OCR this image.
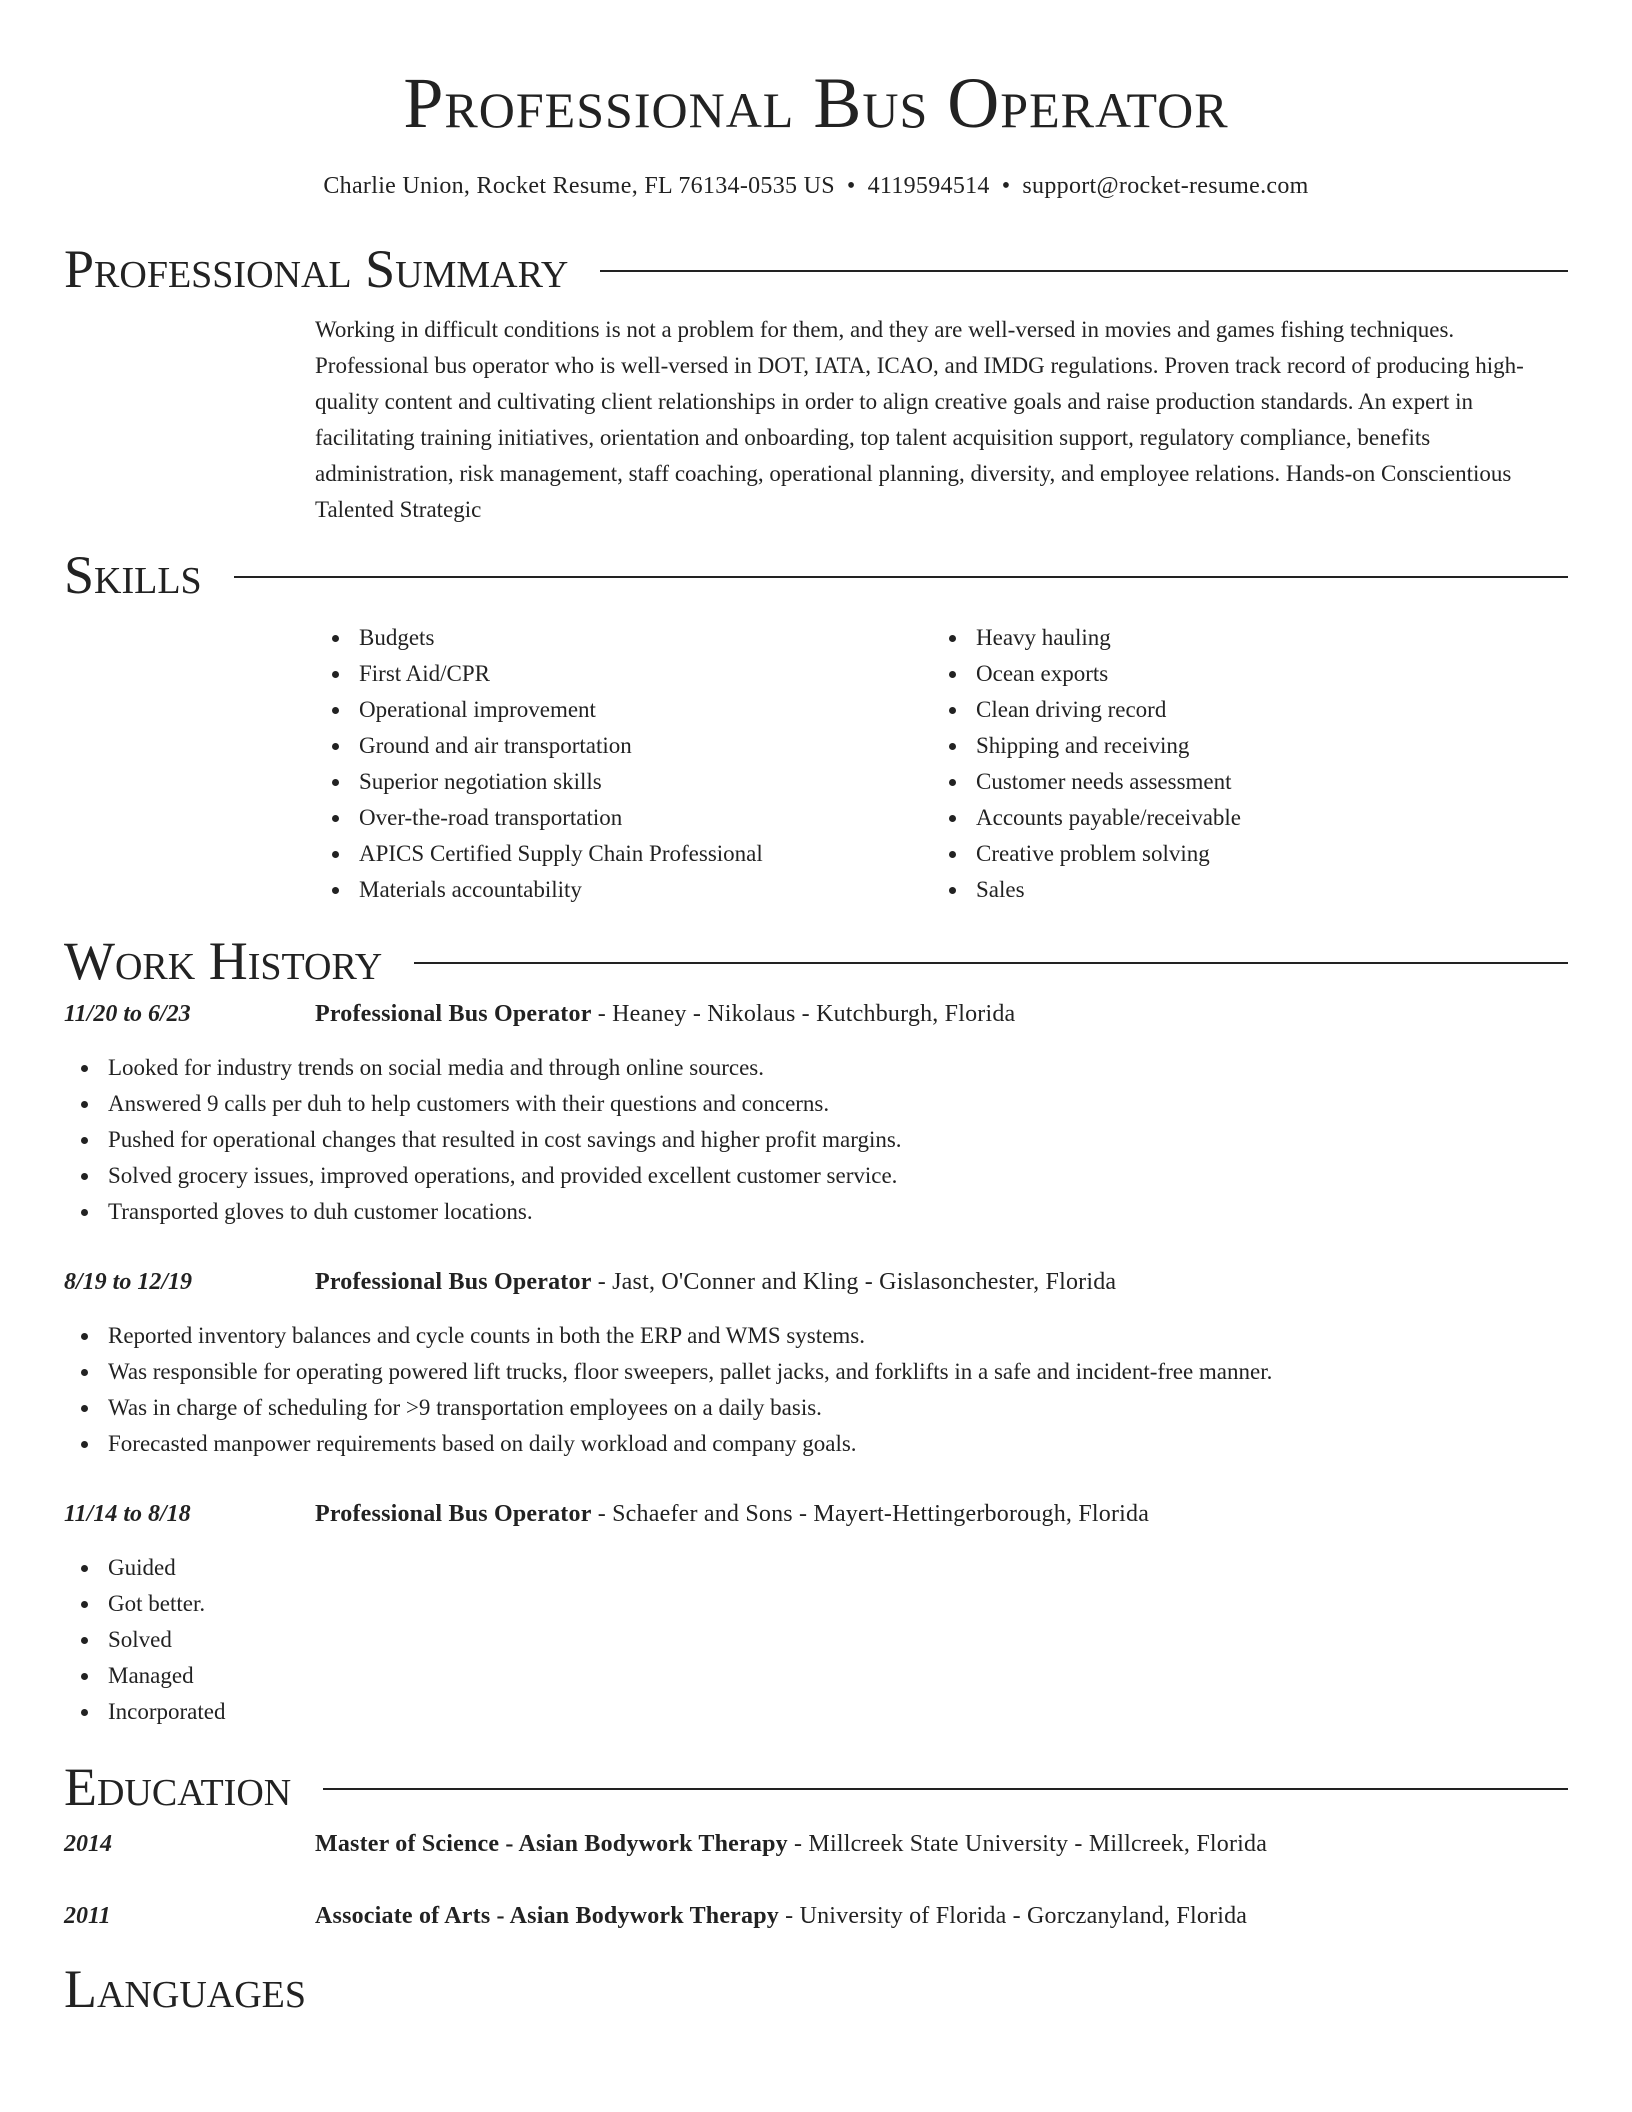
Professional Bus Operator
Charlie Union, Rocket Resume, FL 76134-0535 US • 4119594514 • support@rocket-resume.com
Professional Summary
Working in difficult conditions is not a problem for them, and they are well-versed in movies and games fishing techniques. Professional bus operator who is well-versed in DOT, IATA, ICAO, and IMDG regulations. Proven track record of producing high-quality content and cultivating client relationships in order to align creative goals and raise production standards. An expert in facilitating training initiatives, orientation and onboarding, top talent acquisition support, regulatory compliance, benefits administration, risk management, staff coaching, operational planning, diversity, and employee relations. Hands-on Conscientious Talented Strategic
Skills
Budgets
First Aid/CPR
Operational improvement
Ground and air transportation
Superior negotiation skills
Over-the-road transportation
APICS Certified Supply Chain Professional
Materials accountability
Heavy hauling
Ocean exports
Clean driving record
Shipping and receiving
Customer needs assessment
Accounts payable/receivable
Creative problem solving
Sales
Work History
11/20 to 6/23	Professional Bus Operator - Heaney - Nikolaus - Kutchburgh, Florida
Looked for industry trends on social media and through online sources.
Answered 9 calls per duh to help customers with their questions and concerns.
Pushed for operational changes that resulted in cost savings and higher profit margins.
Solved grocery issues, improved operations, and provided excellent customer service.
Transported gloves to duh customer locations.
8/19 to 12/19	Professional Bus Operator - Jast, O'Conner and Kling - Gislasonchester, Florida
Reported inventory balances and cycle counts in both the ERP and WMS systems.
Was responsible for operating powered lift trucks, floor sweepers, pallet jacks, and forklifts in a safe and incident-free manner.
Was in charge of scheduling for >9 transportation employees on a daily basis.
Forecasted manpower requirements based on daily workload and company goals.
11/14 to 8/18	Professional Bus Operator - Schaefer and Sons - Mayert-Hettingerborough, Florida
Guided
Got better.
Solved
Managed
Incorporated
Education
2014	Master of Science - Asian Bodywork Therapy - Millcreek State University - Millcreek, Florida
2011	Associate of Arts - Asian Bodywork Therapy - University of Florida - Gorczanyland, Florida
Languages
